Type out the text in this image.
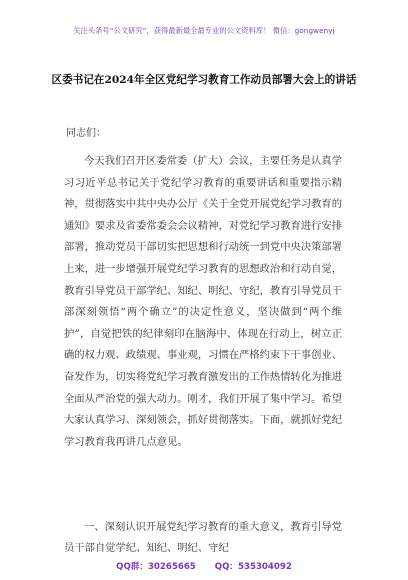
关注头条号“公文研究”，获得最新最全最专业的公文资料库！ 微信：gongwenyj
区委书记在2024年全区党纪学习教育工作动员部署大会上的讲话
同志们：

今天我们召开区委常委（扩大）会议，主要任务是认真学习习近平总书记关于党纪学习教育的重要讲话和重要指示精神，贯彻落实中共中央办公厅《关于全党开展党纪学习教育的通知》要求及省委常委会会议精神，对党纪学习教育进行安排部署，推动党员干部切实把思想和行动统一到党中央决策部署上来，进一步增强开展党纪学习教育的思想政治和行动自觉，教育引导党员干部学纪、知纪、明纪、守纪，教育引导党员干部深刻领悟“两个确立”的决定性意义，坚决做到“两个维护”，自觉把铁的纪律刻印在脑海中、体现在行动上，树立正确的权力观、政绩观、事业观，习惯在严格约束下干事创业、奋发作为，切实将党纪学习教育激发出的工作热情转化为推进全面从严治党的强大动力。刚才，我们开展了集中学习。希望大家认真学习、深刻领会，抓好贯彻落实。下面，就抓好党纪学习教育我再讲几点意见。

一、深刻认识开展党纪学习教育的重大意义，教育引导党员干部自觉学纪、知纪、明纪、守纪

QQ群：30265665 QQ：535304092
